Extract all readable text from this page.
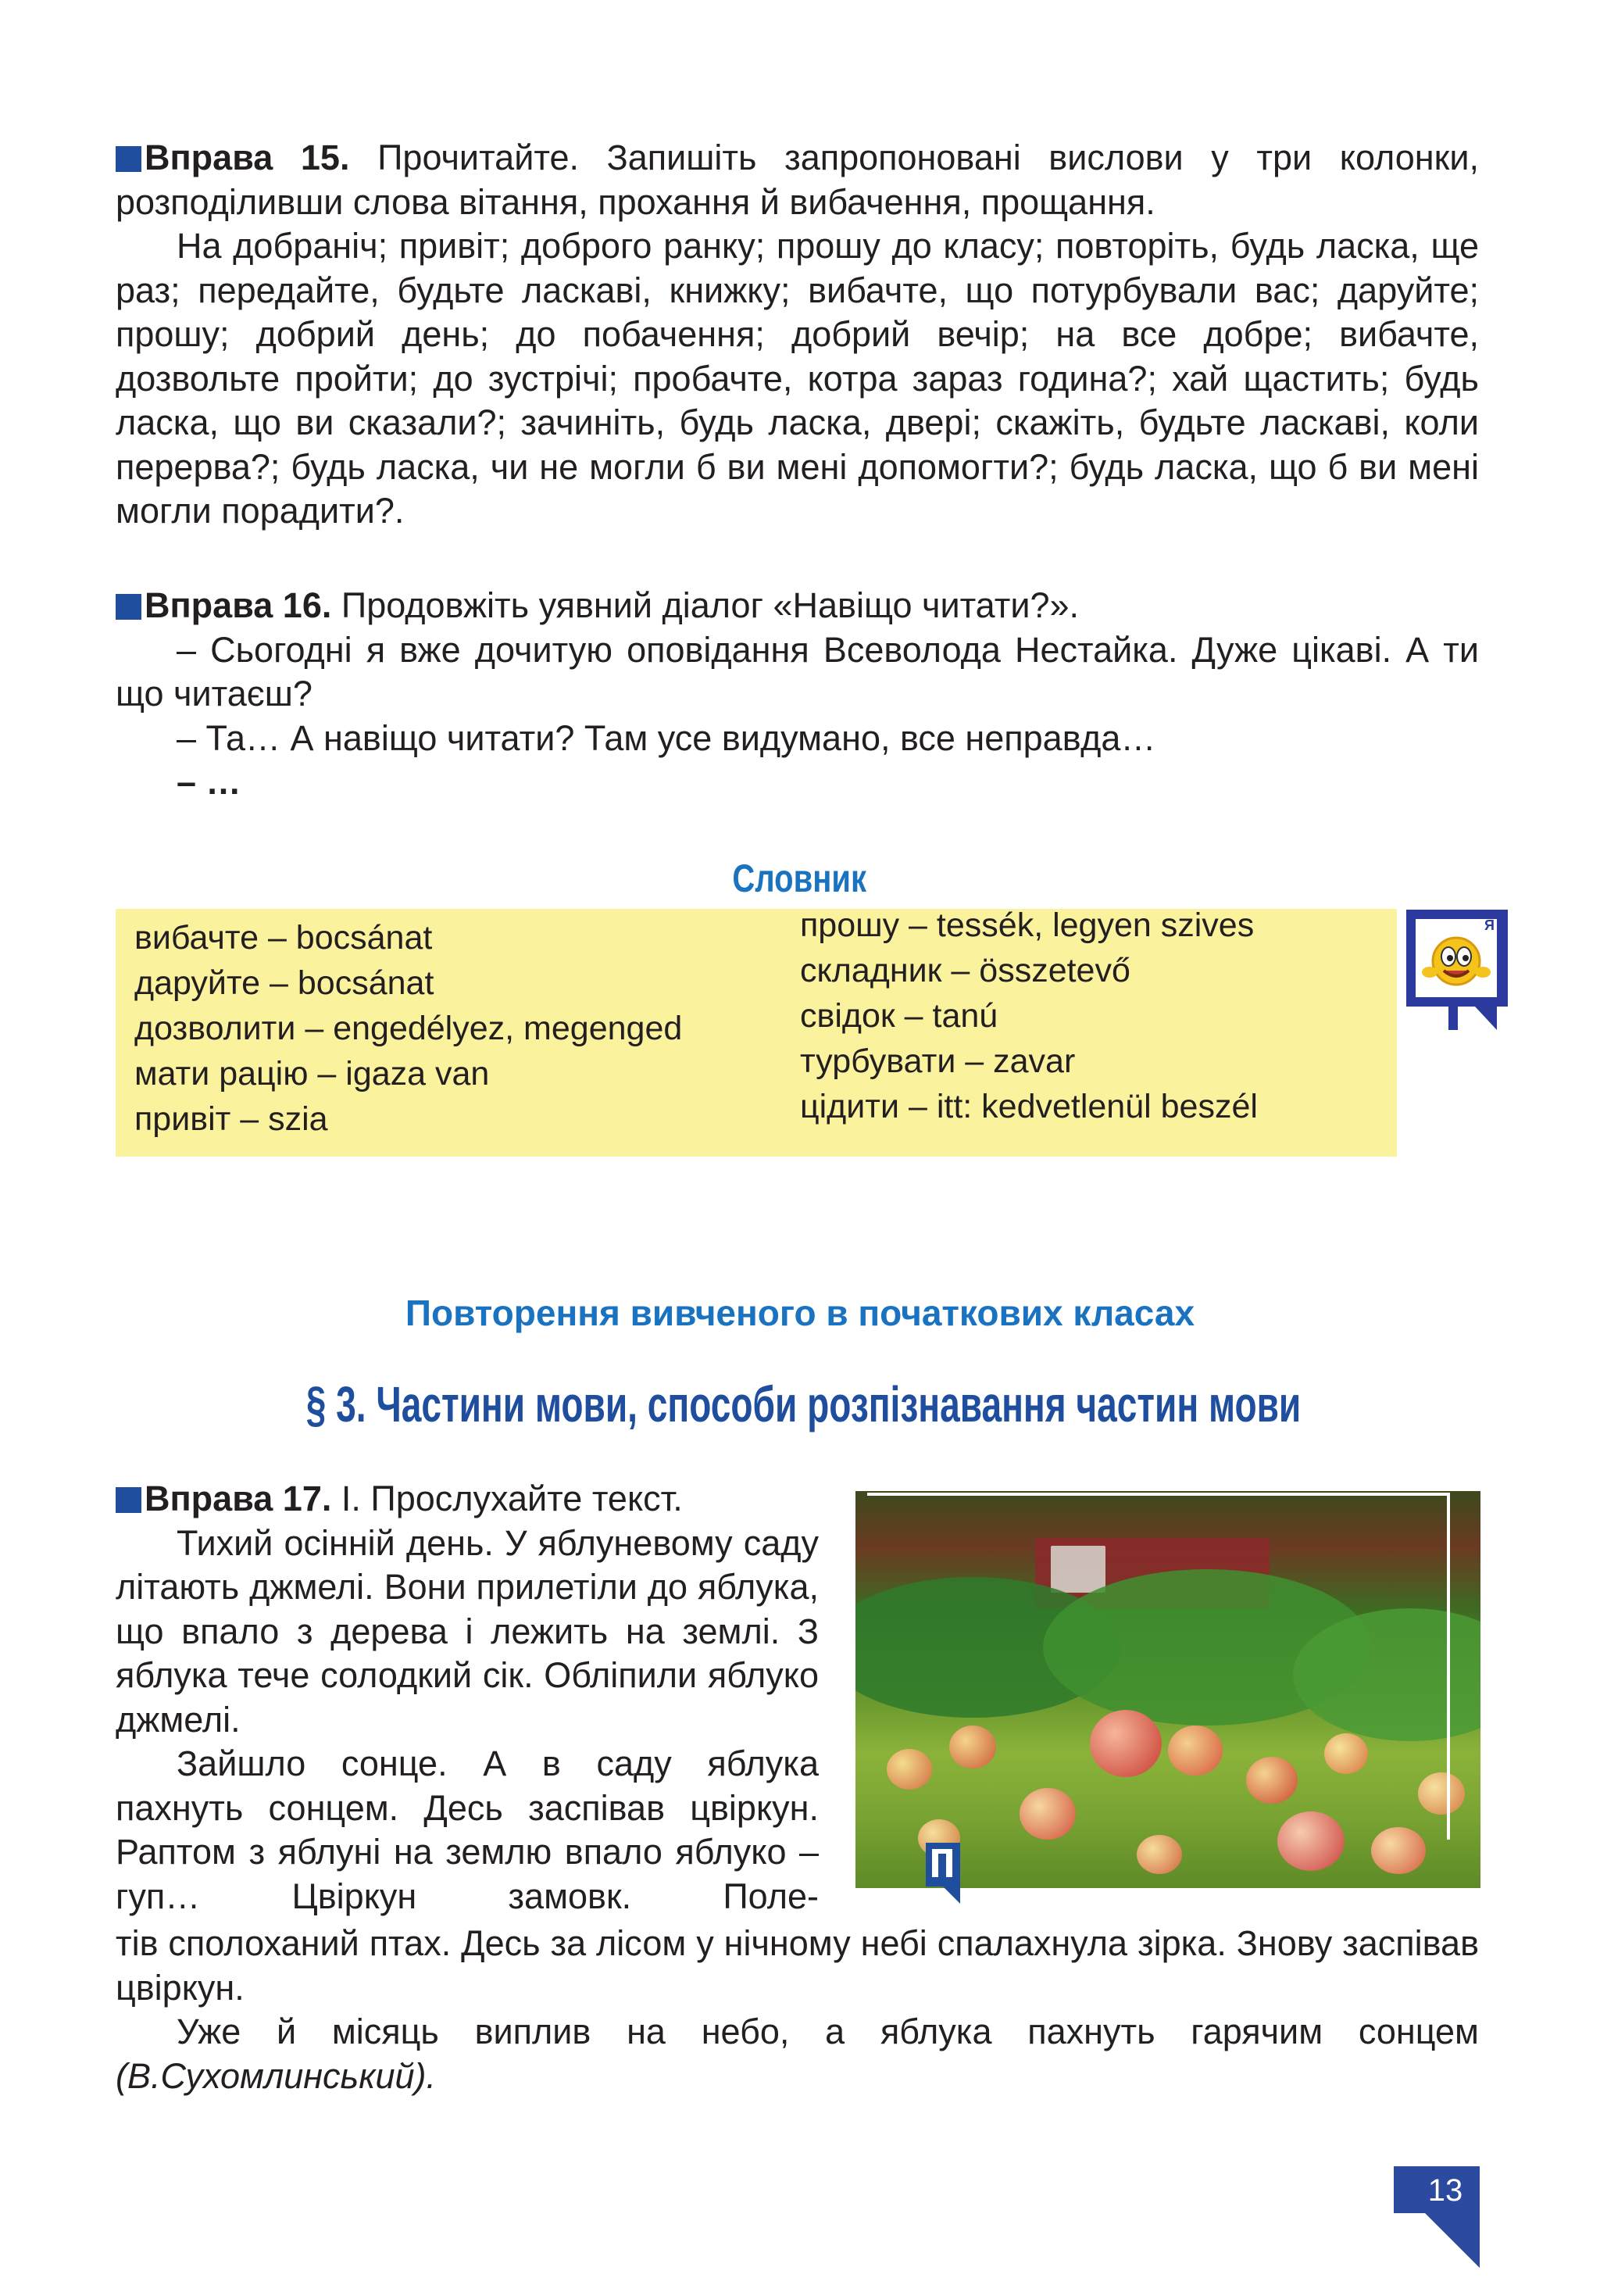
Вправа 15. Прочитайте. Запишіть запропоновані вислови у три колонки, розподіливши слова вітання, прохання й вибачення, прощання.

На добраніч; привіт; доброго ранку; прошу до класу; повторіть, будь ласка, ще раз; передайте, будьте ласкаві, книжку; вибачте, що потурбували вас; даруйте; прошу; добрий день; до побачення; добрий вечір; на все добре; вибачте, дозвольте пройти; до зустрічі; пробачте, котра зараз година?; хай щастить; будь ласка, що ви сказали?; зачиніть, будь ласка, двері; скажіть, будьте ласкаві, коли перерва?; будь ласка, чи не могли б ви мені допомогти?; будь ласка, що б ви мені могли порадити?.

Вправа 16. Продовжіть уявний діалог «Навіщо читати?».

– Сьогодні я вже дочитую оповідання Всеволода Нестайка. Дуже цікаві. А ти що читаєш?

– Та… А навіщо читати? Там усе видумано, все неправда…

– …

Словник
вибачте – bocsánat
даруйте – bocsánat
дозволити – engedélyez, megenged
мати рацію – igaza van
привіт – szia
прошу – tessék, legyen szives
складник – összetevő
свідок – tanú
турбувати – zavar
цідити – itt: kedvetlenül beszél
А
Я
Повторення вивченого в початкових класах
§ 3. Частини мови, способи розпізнавання частин мови

Вправа 17. І. Прослухайте текст.

Тихий осінній день. У яблуневому саду літають джмелі. Вони прилетіли до яблука, що впало з дерева і лежить на землі. З яблука тече солодкий сік. Обліпили яблуко джмелі.

Зайшло сонце. А в саду яблука пахнуть сонцем. Десь заспівав цвіркун. Раптом з яблуні на землю впало яблуко – гуп… Цвіркун замовк. Поле-

тів сполоханий птах. Десь за лісом у нічному небі спалахнула зірка. Знову заспівав цвіркун.

Уже й місяць виплив на небо, а яблука пахнуть гарячим сонцем (В.Сухомлинський).

13
